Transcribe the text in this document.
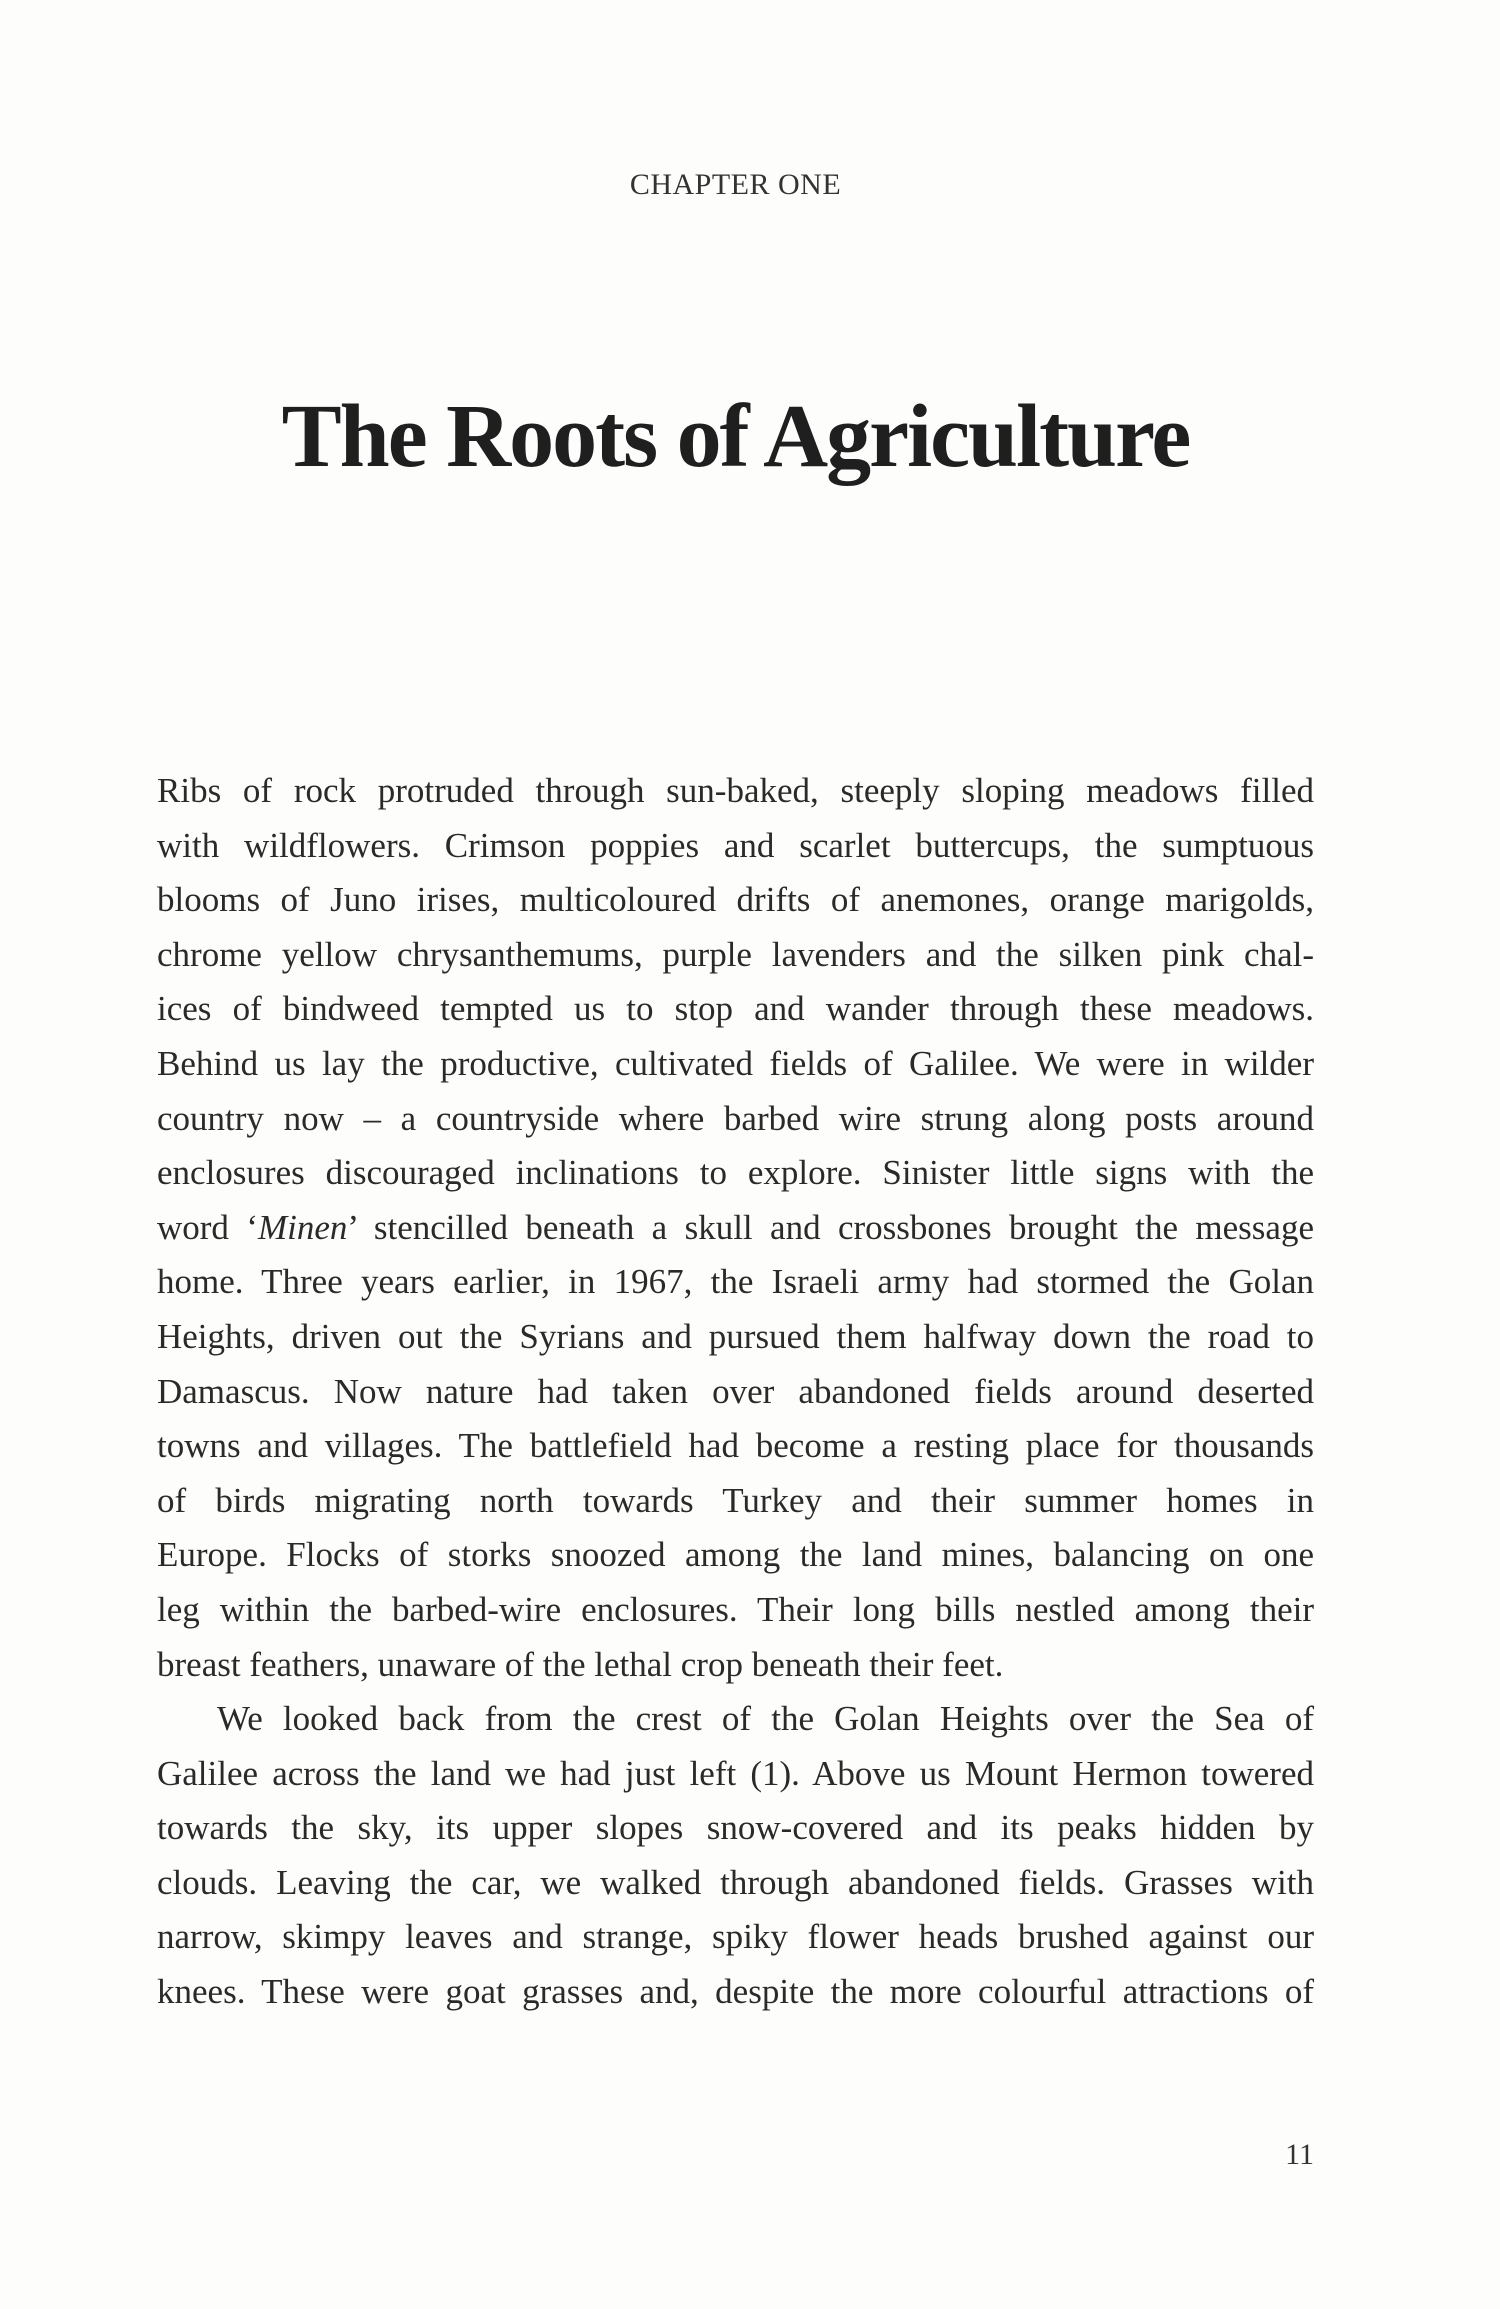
CHAPTER ONE
The Roots of Agriculture
Ribs of rock protruded through sun-baked, steeply sloping meadows filled
with wildflowers. Crimson poppies and scarlet buttercups, the sumptuous
blooms of Juno irises, multicoloured drifts of anemones, orange marigolds,
chrome yellow chrysanthemums, purple lavenders and the silken pink chal-
ices of bindweed tempted us to stop and wander through these meadows.
Behind us lay the productive, cultivated fields of Galilee. We were in wilder
country now – a countryside where barbed wire strung along posts around
enclosures discouraged inclinations to explore. Sinister little signs with the
word ‘Minen’ stencilled beneath a skull and crossbones brought the message
home. Three years earlier, in 1967, the Israeli army had stormed the Golan
Heights, driven out the Syrians and pursued them halfway down the road to
Damascus. Now nature had taken over abandoned fields around deserted
towns and villages. The battlefield had become a resting place for thousands
of birds migrating north towards Turkey and their summer homes in
Europe. Flocks of storks snoozed among the land mines, balancing on one
leg within the barbed-wire enclosures. Their long bills nestled among their
breast feathers, unaware of the lethal crop beneath their feet.
We looked back from the crest of the Golan Heights over the Sea of
Galilee across the land we had just left (1). Above us Mount Hermon towered
towards the sky, its upper slopes snow-covered and its peaks hidden by
clouds. Leaving the car, we walked through abandoned fields. Grasses with
narrow, skimpy leaves and strange, spiky flower heads brushed against our
knees. These were goat grasses and, despite the more colourful attractions of
11
